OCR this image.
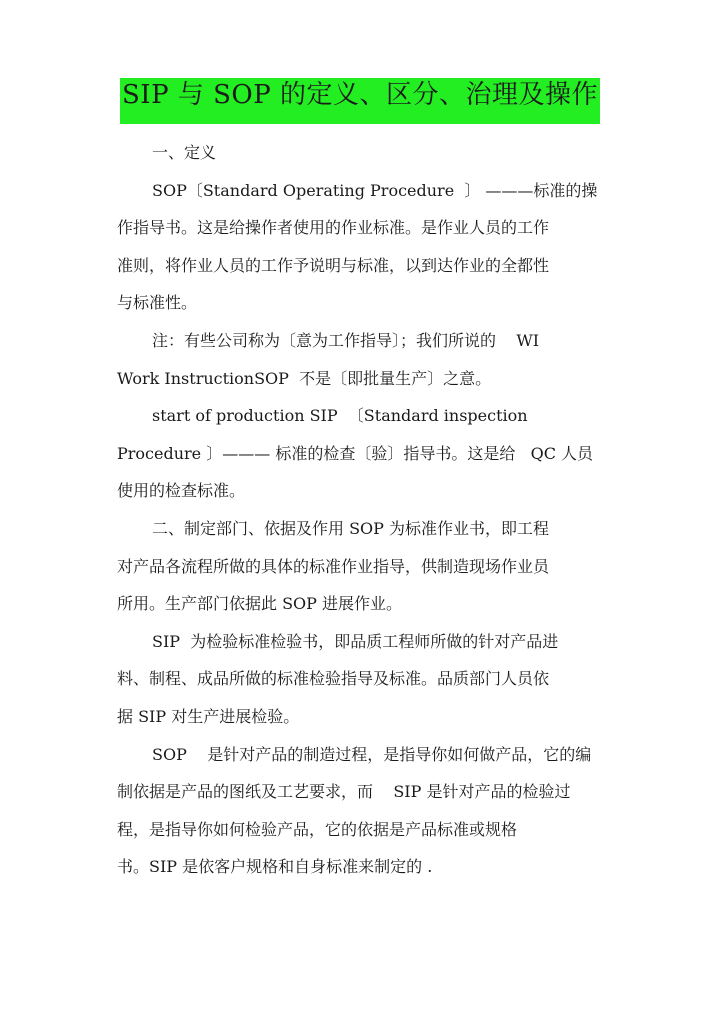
SIP 与 SOP 的定义、区分、治理及操作
一、定义
SOP〔Standard Operating Procedure  〕 ———标准的操
作指导书。这是给操作者使用的作业标准。是作业人员的工作
准则，将作业人员的工作予说明与标准，以到达作业的全都性
与标准性。
注：有些公司称为〔意为工作指导〕；我们所说的    WI
Work InstructionSOP  不是〔即批量生产〕之意。
start of production SIP  〔Standard inspection
Procedure 〕——— 标准的检查〔验〕指导书。这是给   QC 人员
使用的检查标准。
二、制定部门、依据及作用 SOP 为标准作业书，即工程
对产品各流程所做的具体的标准作业指导，供制造现场作业员
所用。生产部门依据此 SOP 进展作业。
SIP  为检验标准检验书，即品质工程师所做的针对产品进
料、制程、成品所做的标准检验指导及标准。品质部门人员依
据 SIP 对生产进展检验。
SOP    是针对产品的制造过程，是指导你如何做产品，它的编
制依据是产品的图纸及工艺要求，而    SIP 是针对产品的检验过
程，是指导你如何检验产品，它的依据是产品标准或规格
书。SIP 是依客户规格和自身标准来制定的 .
